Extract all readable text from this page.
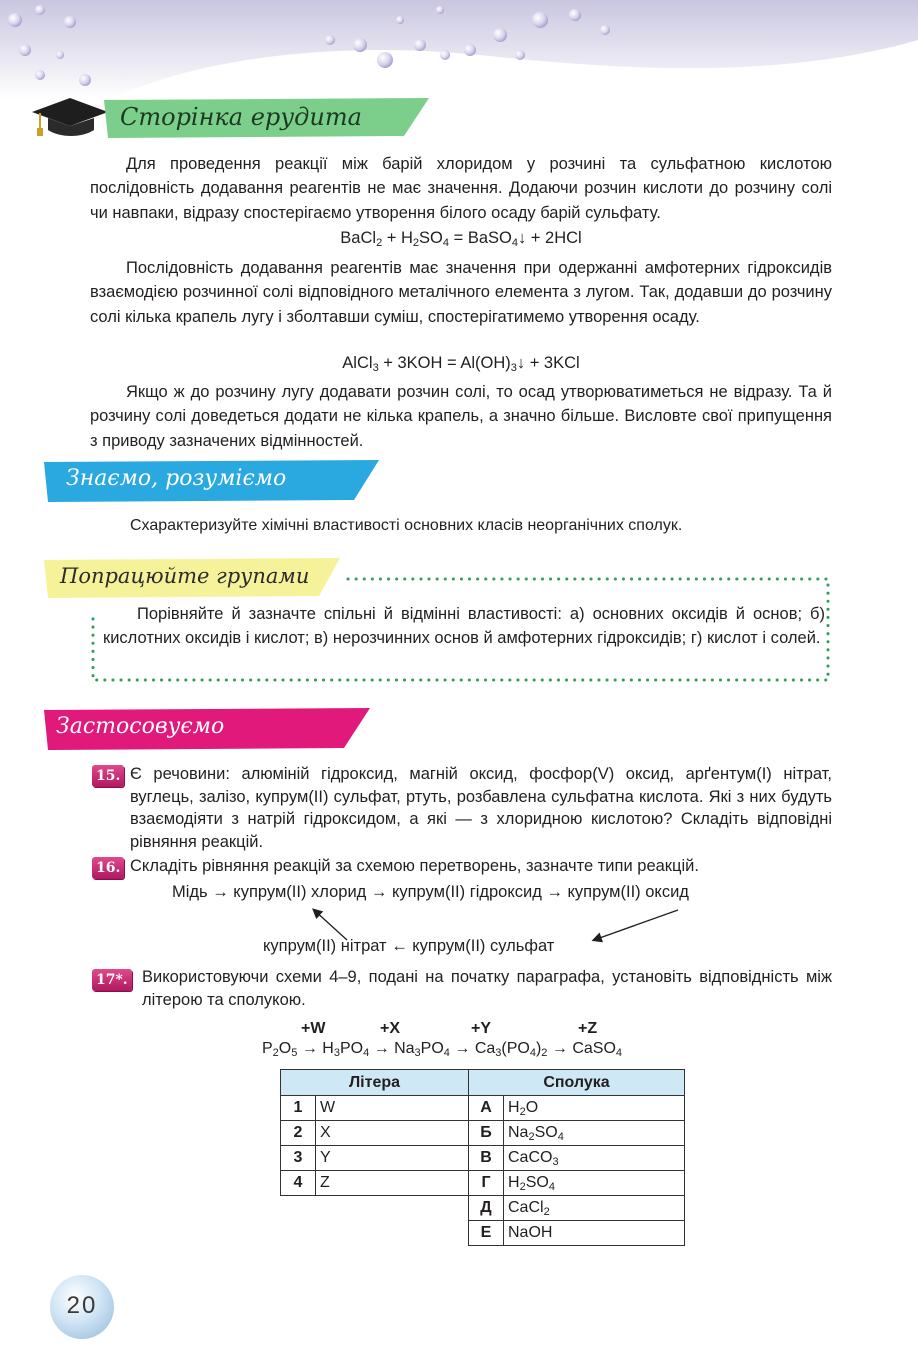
Сторінка ерудита
Для проведення реакції між барій хлоридом у розчині та сульфатною кислотою послідовність додавання реагентів не має значення. Додаючи розчин кислоти до розчину солі чи навпаки, відразу спостерігаємо утворення білого осаду барій сульфату.
BaCl$_2$ + $H_2SO_4$ = BaSO$_4$↓ + 2HCl
Послідовність додавання реагентів має значення при одержанні амфотерних гідроксидів взаємодією розчинної солі відповідного металічного елемента з лугом. Так, додавши до розчину солі кілька крапель лугу і зболтавши суміш, спостерігатимемо утворення осаду.
AlCl$_3$ + $3KOH = Al(OH)_3↓ + 3KCl$
Якщо ж до розчину лугу додавати розчин солі, то осад утворюватиметься не відразу. Та й розчину солі доведеться додати не кілька крапель, а значно більше. Висловте свої припущення з приводу зазначених відмінностей.
Знаємо, розуміємо
Схарактеризуйте хімічні властивості основних класів неорганічних сполук.
Попрацюйте групами
Порівняйте й зазначте спільні й відмінні властивості: а) основних оксидів й основ; б) кислотних оксидів і кислот; в) нерозчинних основ й амфотерних гідроксидів; г) кислот і солей.
Застосовуємо
15. Є речовини: алюміній гідроксид, магній оксид, фосфор(V) оксид, арґентум(I) нітрат, вуглець, залізо, купрум(II) сульфат, ртуть, розбавлена сульфатна кислота. Які з них будуть взаємодіяти з натрій гідроксидом, а які — з хлоридною кислотою? Складіть відповідні рівняння реакцій.
16. Складіть рівняння реакцій за схемою перетворень, зазначте типи реакцій.
Мідь → купрум(II) хлорид → купрум(II) гідроксид → купрум(II) оксид
купрум(II) нітрат ← купрум(II) сульфат
17*. Використовуючи схеми 4–9, подані на початку параграфа, установіть відповідність між літерою та сполукою.
+W	+X	+Y	+Z
$P_2O_5 \to H_3PO_4 \to Na_3PO_4 \to Ca_3(PO_4)_2$ → CaSO$_4$
Літера		Сполука	
1	W	А	$H_2O$
2	X	Б	$Na_2SO_4$
3	Y	В	CaCO$_3$
4	Z	Г	$H_2SO_4$
		Д	CaCl$_2$
		Е	NaOH
20
